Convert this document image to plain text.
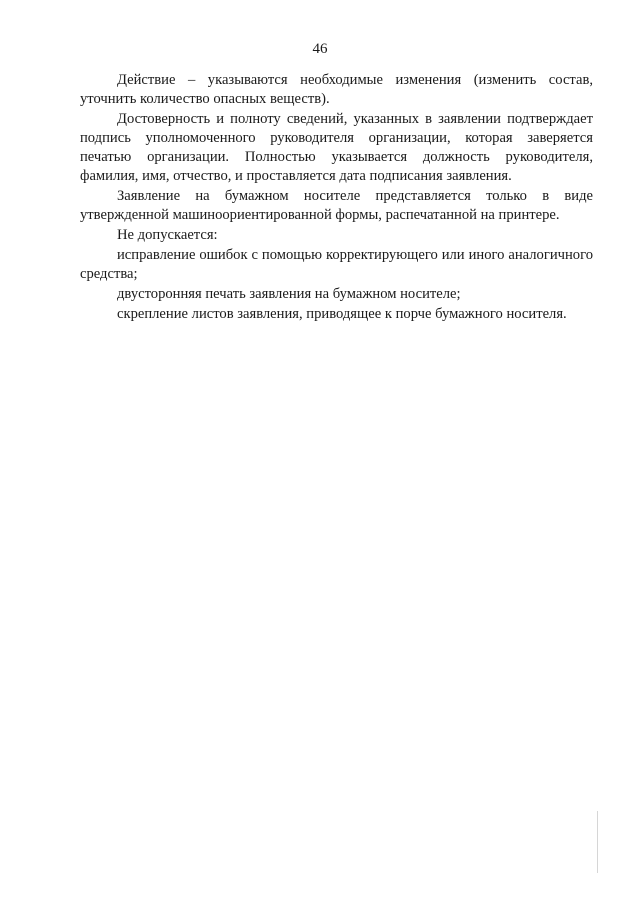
46

Действие – указываются необходимые изменения (изменить состав, уточнить количество опасных веществ).

Достоверность и полноту сведений, указанных в заявлении подтверждает подпись уполномоченного руководителя организации, которая заверяется печатью организации. Полностью указывается должность руководителя, фамилия, имя, отчество, и проставляется дата подписания заявления.

Заявление на бумажном носителе представляется только в виде утвержденной машиноориентированной формы, распечатанной на принтере.

Не допускается:

исправление ошибок с помощью корректирующего или иного аналогичного средства;

двусторонняя печать заявления на бумажном носителе;

скрепление листов заявления, приводящее к порче бумажного носителя.
